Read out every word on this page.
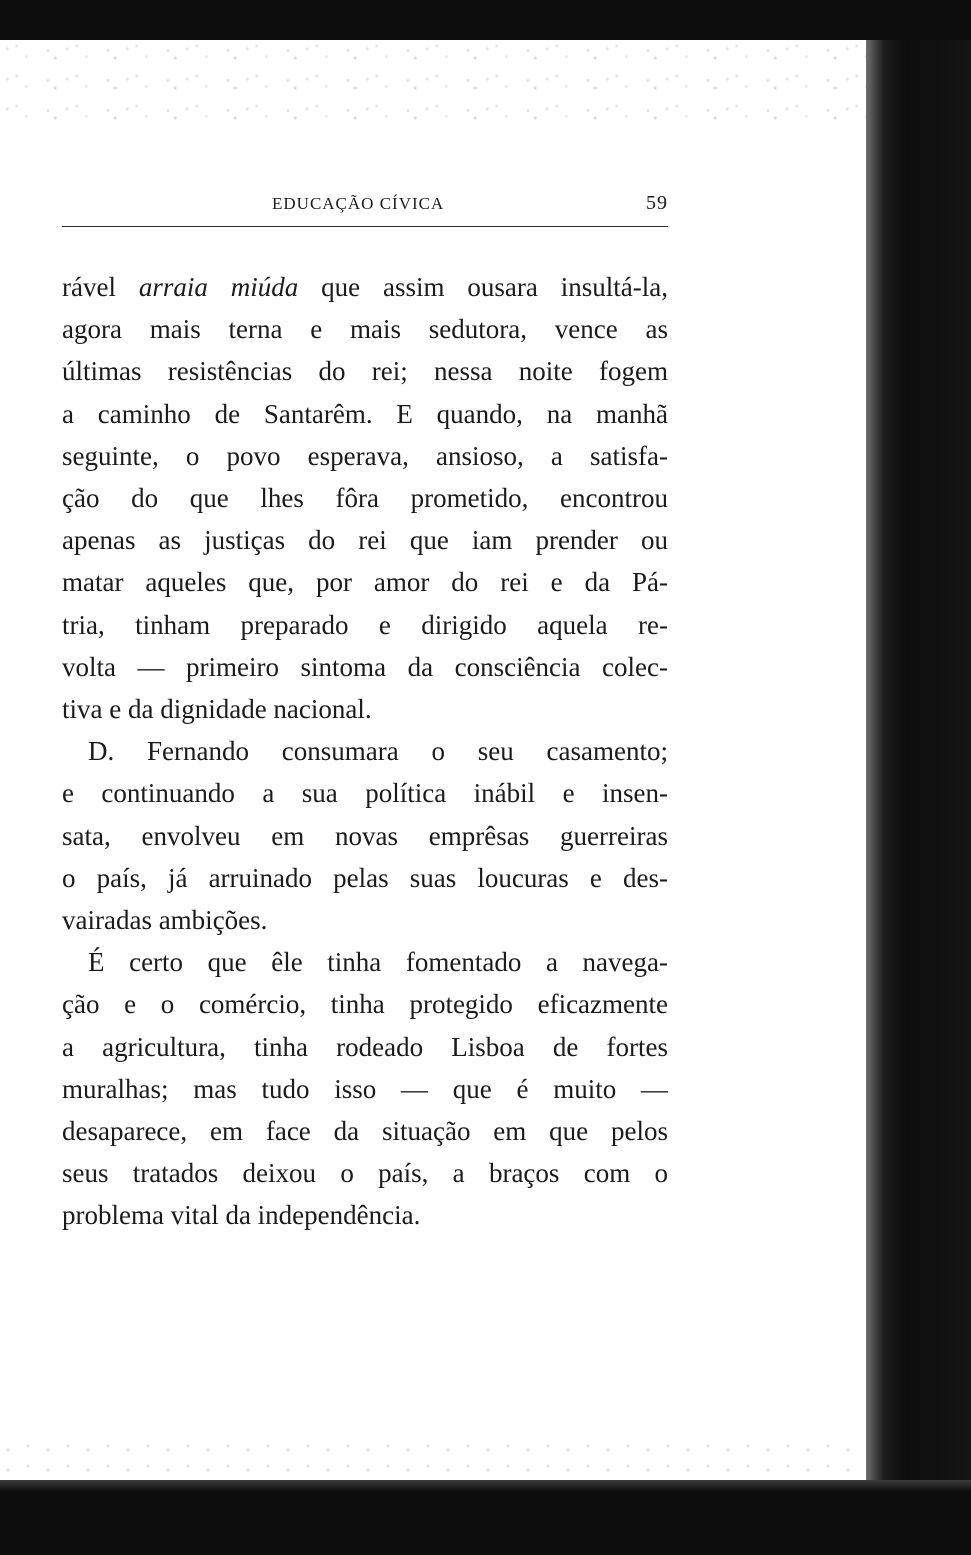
EDUCAÇÃO CÍVICA	59

rável arraia miúda que assim ousara insultá-la,
agora mais terna e mais sedutora, vence as
últimas resistências do rei; nessa noite fogem
a caminho de Santarêm. E quando, na manhã
seguinte, o povo esperava, ansioso, a satisfa-
ção do que lhes fôra prometido, encontrou
apenas as justiças do rei que iam prender ou
matar aqueles que, por amor do rei e da Pá-
tria, tinham preparado e dirigido aquela re-
volta — primeiro sintoma da consciência colec-
tiva e da dignidade nacional.

D. Fernando consumara o seu casamento;
e continuando a sua política inábil e insen-
sata, envolveu em novas emprêsas guerreiras
o país, já arruinado pelas suas loucuras e des-
vairadas ambições.

É certo que êle tinha fomentado a navega-
ção e o comércio, tinha protegido eficazmente
a agricultura, tinha rodeado Lisboa de fortes
muralhas; mas tudo isso — que é muito —
desaparece, em face da situação em que pelos
seus tratados deixou o país, a braços com o
problema vital da independência.
